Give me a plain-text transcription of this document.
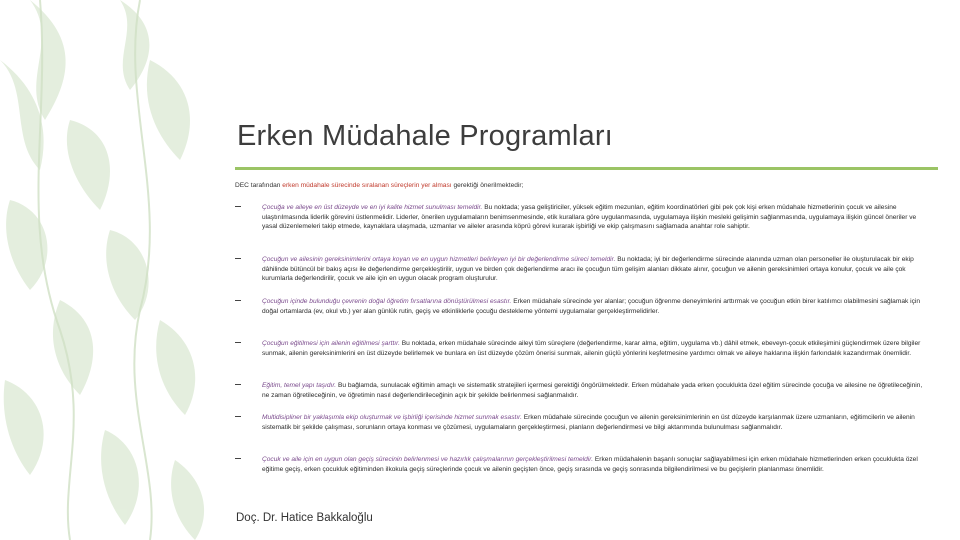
Erken Müdahale Programları
DEC tarafından erken müdahale sürecinde sıralanan süreçlerin yer alması gerektiği önerilmektedir;
Çocuğa ve aileye en üst düzeyde ve en iyi kalite hizmet sunulması temeldir. Bu noktada; yasa geliştiriciler, yüksek eğitim mezunları, eğitim koordinatörleri gibi pek çok kişi erken müdahale hizmetlerinin çocuk ve ailesine ulaştırılmasında liderlik görevini üstlenmelidir. Liderler, önerilen uygulamaların benimsenmesinde, etik kurallara göre uygulanmasında, uygulamaya ilişkin mesleki gelişimin sağlanmasında, uygulamaya ilişkin güncel öneriler ve yasal düzenlemeleri takip etmede, kaynaklara ulaşmada, uzmanlar ve aileler arasında köprü görevi kurarak işbirliği ve ekip çalışmasını sağlamada anahtar role sahiptir.
Çocuğun ve ailesinin gereksinimlerini ortaya koyan ve en uygun hizmetleri belirleyen iyi bir değerlendirme süreci temeldir. Bu noktada; iyi bir değerlendirme sürecinde alanında uzman olan personeller ile oluşturulacak bir ekip dâhilinde bütüncül bir bakış açısı ile değerlendirme gerçekleştirilir, uygun ve birden çok değerlendirme aracı ile çocuğun tüm gelişim alanları dikkate alınır, çocuğun ve ailenin gereksinimleri ortaya konulur, çocuk ve aile çok kurumlarla değerlendirilir, çocuk ve aile için en uygun olacak program oluşturulur.
Çocuğun içinde bulunduğu çevrenin doğal öğretim fırsatlarına dönüştürülmesi esastır. Erken müdahale sürecinde yer alanlar; çocuğun öğrenme deneyimlerini arttırmak ve çocuğun etkin birer katılımcı olabilmesini sağlamak için doğal ortamlarda (ev, okul vb.) yer alan günlük rutin, geçiş ve etkinliklerle çocuğu destekleme yöntemi uygulamalar gerçekleştirmelidirler.
Çocuğun eğitilmesi için ailenin eğitilmesi şarttır. Bu noktada, erken müdahale sürecinde aileyi tüm süreçlere (değerlendirme, karar alma, eğitim, uygulama vb.) dâhil etmek, ebeveyn-çocuk etkileşimini güçlendirmek üzere bilgiler sunmak, ailenin gereksinimlerini en üst düzeyde belirlemek ve bunlara en üst düzeyde çözüm önerisi sunmak, ailenin güçlü yönlerini keşfetmesine yardımcı olmak ve aileye haklarına ilişkin farkındalık kazandırmak önemlidir.
Eğitim, temel yapı taşıdır. Bu bağlamda, sunulacak eğitimin amaçlı ve sistematik stratejileri içermesi gerektiği öngörülmektedir. Erken müdahale yada erken çocuklukta özel eğitim sürecinde çocuğa ve ailesine ne öğretileceğinin, ne zaman öğretileceğinin, ve öğretimin nasıl değerlendirileceğinin açık bir şekilde belirlenmesi sağlanmalıdır.
Multidisipliner bir yaklaşımla ekip oluşturmak ve işbirliği içerisinde hizmet sunmak esastır. Erken müdahale sürecinde çocuğun ve ailenin gereksinimlerinin en üst düzeyde karşılanmak üzere uzmanların, eğitimcilerin ve ailenin sistematik bir şekilde çalışması, sorunların ortaya konması ve çözümesi, uygulamaların gerçekleştirmesi, planların değerlendirmesi ve bilgi aktarımında bulunulması sağlanmalıdır.
Çocuk ve aile için en uygun olan geçiş sürecinin belirlenmesi ve hazırlık çalışmalarının gerçekleştirilmesi temeldir. Erken müdahalenin başarılı sonuçlar sağlayabilmesi için erken müdahale hizmetlerinden erken çocuklukta özel eğitime geçiş, erken çocukluk eğitiminden ilkokula geçiş süreçlerinde çocuk ve ailenin geçişten önce, geçiş sırasında ve geçiş sonrasında bilgilendirilmesi ve bu geçişlerin planlanması önemlidir.
Doç. Dr. Hatice Bakkaloğlu
